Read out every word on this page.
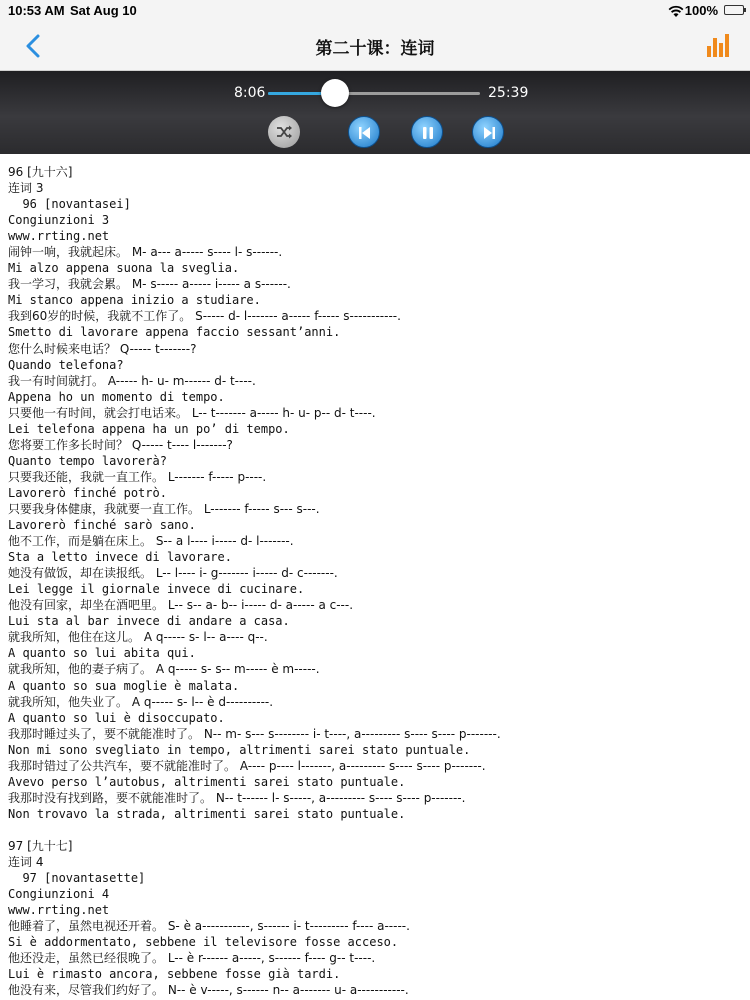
10:53 AM Sat Aug 10	100%
第二十课：连词
8:06	25:39
96 [九十六]
连词 3
96 [novantasei]
Congiunzioni 3
www.rrting.net
闹钟一响，我就起床。 M- a--- a----- s---- l- s------.
Mi alzo appena suona la sveglia.
我一学习，我就会累。 M- s----- a----- i----- a s------.
Mi stanco appena inizio a studiare.
我到60岁的时候，我就不工作了。 S----- d- l------- a----- f----- s-----------.
Smetto di lavorare appena faccio sessant’anni.
您什么时候来电话？ Q----- t-------?
Quando telefona?
我一有时间就打。 A----- h- u- m------ d- t----.
Appena ho un momento di tempo.
只要他一有时间，就会打电话来。 L-- t------- a----- h- u- p-- d- t----.
Lei telefona appena ha un po’ di tempo.
您将要工作多长时间？ Q----- t---- l-------?
Quanto tempo lavorerà?
只要我还能，我就一直工作。 L------- f----- p----.
Lavorerò finché potrò.
只要我身体健康，我就要一直工作。 L------- f----- s--- s---.
Lavorerò finché sarò sano.
他不工作，而是躺在床上。 S-- a l---- i----- d- l-------.
Sta a letto invece di lavorare.
她没有做饭，却在读报纸。 L-- l---- i- g------- i----- d- c-------.
Lei legge il giornale invece di cucinare.
他没有回家，却坐在酒吧里。 L-- s-- a- b-- i----- d- a----- a c---.
Lui sta al bar invece di andare a casa.
就我所知，他住在这儿。 A q----- s- l-- a---- q--.
A quanto so lui abita qui.
就我所知，他的妻子病了。 A q----- s- s-- m----- è m-----.
A quanto so sua moglie è malata.
就我所知，他失业了。 A q----- s- l-- è d----------.
A quanto so lui è disoccupato.
我那时睡过头了，要不就能准时了。 N-- m- s--- s-------- i- t----, a--------- s---- s---- p-------.
Non mi sono svegliato in tempo, altrimenti sarei stato puntuale.
我那时错过了公共汽车，要不就能准时了。 A---- p---- l-------, a--------- s---- s---- p-------.
Avevo perso l’autobus, altrimenti sarei stato puntuale.
我那时没有找到路，要不就能准时了。 N-- t------ l- s-----, a--------- s---- s---- p-------.
Non trovavo la strada, altrimenti sarei stato puntuale.
97 [九十七]
连词 4
97 [novantasette]
Congiunzioni 4
www.rrting.net
他睡着了，虽然电视还开着。 S- è a-----------, s------ i- t--------- f---- a-----.
Si è addormentato, sebbene il televisore fosse acceso.
他还没走，虽然已经很晚了。 L-- è r------ a-----, s------ f---- g-- t----.
Lui è rimasto ancora, sebbene fosse già tardi.
他没有来，尽管我们约好了。 N-- è v-----, s------ n-- a------- u- a-----------.
